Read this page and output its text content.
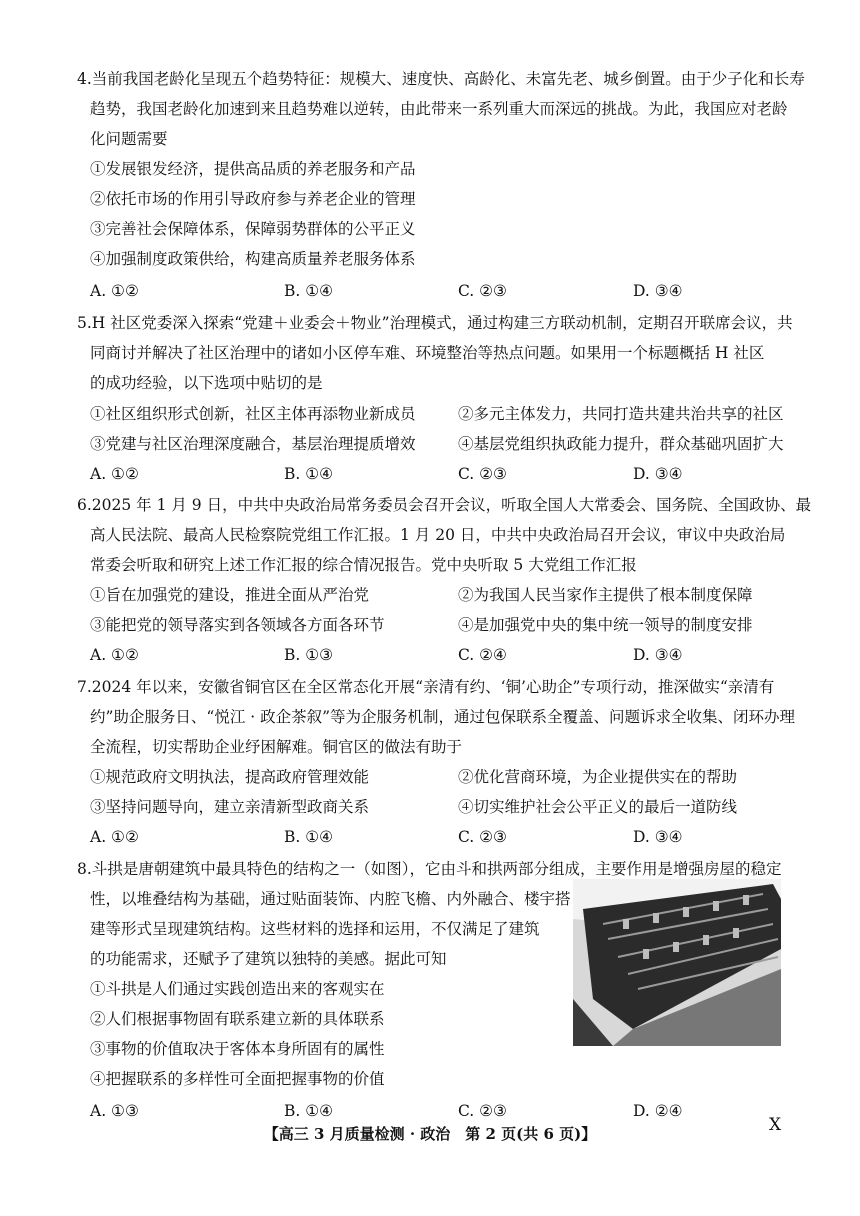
4.当前我国老龄化呈现五个趋势特征：规模大、速度快、高龄化、未富先老、城乡倒置。由于少子化和长寿
趋势，我国老龄化加速到来且趋势难以逆转，由此带来一系列重大而深远的挑战。为此，我国应对老龄
化问题需要
①发展银发经济，提供高品质的养老服务和产品
②依托市场的作用引导政府参与养老企业的管理
③完善社会保障体系，保障弱势群体的公平正义
④加强制度政策供给，构建高质量养老服务体系
A. ①②	B. ①④	C. ②③	D. ③④
5.H 社区党委深入探索“党建＋业委会＋物业”治理模式，通过构建三方联动机制，定期召开联席会议，共
同商讨并解决了社区治理中的诸如小区停车难、环境整治等热点问题。如果用一个标题概括 H 社区
的成功经验，以下选项中贴切的是
①社区组织形式创新，社区主体再添物业新成员	②多元主体发力，共同打造共建共治共享的社区
③党建与社区治理深度融合，基层治理提质增效	④基层党组织执政能力提升，群众基础巩固扩大
A. ①②	B. ①④	C. ②③	D. ③④
6.2025 年 1 月 9 日，中共中央政治局常务委员会召开会议，听取全国人大常委会、国务院、全国政协、最
高人民法院、最高人民检察院党组工作汇报。1 月 20 日，中共中央政治局召开会议，审议中央政治局
常委会听取和研究上述工作汇报的综合情况报告。党中央听取 5 大党组工作汇报
①旨在加强党的建设，推进全面从严治党	②为我国人民当家作主提供了根本制度保障
③能把党的领导落实到各领域各方面各环节	④是加强党中央的集中统一领导的制度安排
A. ①②	B. ①③	C. ②④	D. ③④
7.2024 年以来，安徽省铜官区在全区常态化开展“亲清有约、‘铜’心助企”专项行动，推深做实“亲清有
约”助企服务日、“悦江 · 政企茶叙”等为企服务机制，通过包保联系全覆盖、问题诉求全收集、闭环办理
全流程，切实帮助企业纾困解难。铜官区的做法有助于
①规范政府文明执法，提高政府管理效能	②优化营商环境，为企业提供实在的帮助
③坚持问题导向，建立亲清新型政商关系	④切实维护社会公平正义的最后一道防线
A. ①②	B. ①④	C. ②③	D. ③④
8.斗拱是唐朝建筑中最具特色的结构之一（如图），它由斗和拱两部分组成，主要作用是增强房屋的稳定
性，以堆叠结构为基础，通过贴面装饰、内腔飞檐、内外融合、楼宇搭
建等形式呈现建筑结构。这些材料的选择和运用，不仅满足了建筑
的功能需求，还赋予了建筑以独特的美感。据此可知
①斗拱是人们通过实践创造出来的客观实在
②人们根据事物固有联系建立新的具体联系
③事物的价值取决于客体本身所固有的属性
④把握联系的多样性可全面把握事物的价值
A. ①③	B. ①④	C. ②③	D. ②④
【高三 3 月质量检测 · 政治　第 2 页(共 6 页)】	X
